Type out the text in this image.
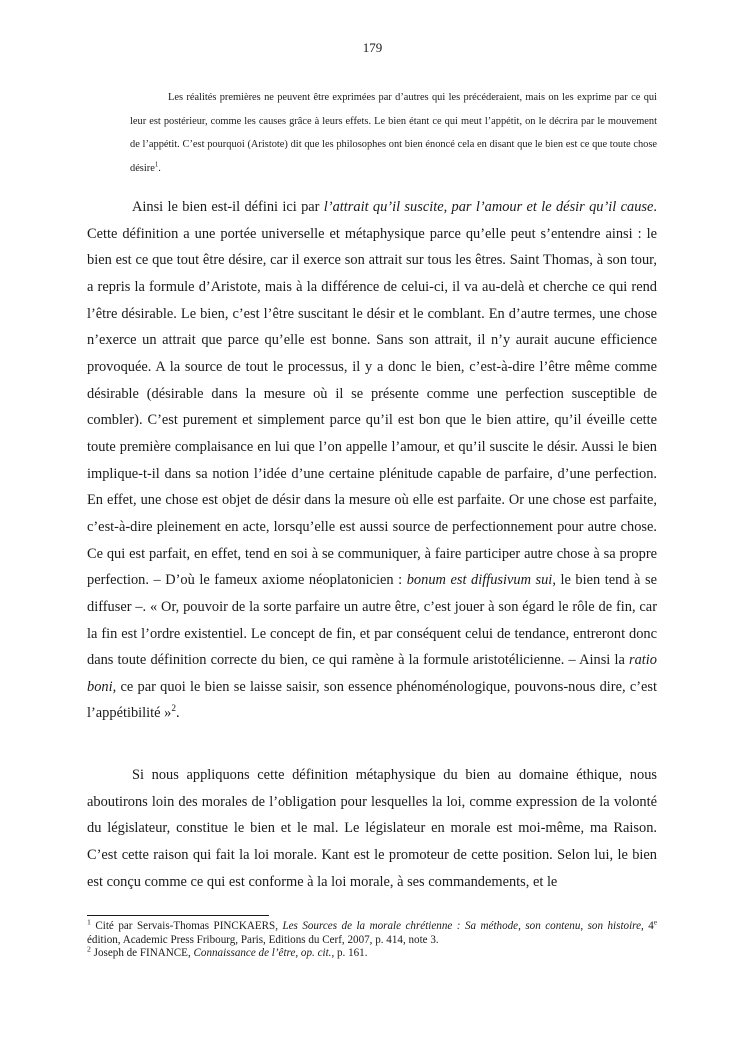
179
Les réalités premières ne peuvent être exprimées par d’autres qui les précéderaient, mais on les exprime par ce qui leur est postérieur, comme les causes grâce à leurs effets. Le bien étant ce qui meut l’appétit, on le décrira par le mouvement de l’appétit. C’est pourquoi (Aristote) dit que les philosophes ont bien énoncé cela en disant que le bien est ce que toute chose désire$^1$.

Ainsi le bien est-il défini ici par l’attrait qu’il suscite, par l’amour et le désir qu’il cause. Cette définition a une portée universelle et métaphysique parce qu’elle peut s’entendre ainsi : le bien est ce que tout être désire, car il exerce son attrait sur tous les êtres. Saint Thomas, à son tour, a repris la formule d’Aristote, mais à la différence de celui-ci, il va au-delà et cherche ce qui rend l’être désirable. Le bien, c’est l’être suscitant le désir et le comblant. En d’autre termes, une chose n’exerce un attrait que parce qu’elle est bonne. Sans son attrait, il n’y aurait aucune efficience provoquée. A la source de tout le processus, il y a donc le bien, c’est-à-dire l’être même comme désirable (désirable dans la mesure où il se présente comme une perfection susceptible de combler). C’est purement et simplement parce qu’il est bon que le bien attire, qu’il éveille cette toute première complaisance en lui que l’on appelle l’amour, et qu’il suscite le désir. Aussi le bien implique-t-il dans sa notion l’idée d’une certaine plénitude capable de parfaire, d’une perfection. En effet, une chose est objet de désir dans la mesure où elle est parfaite. Or une chose est parfaite, c’est-à-dire pleinement en acte, lorsqu’elle est aussi source de perfectionnement pour autre chose. Ce qui est parfait, en effet, tend en soi à se communiquer, à faire participer autre chose à sa propre perfection. – D’où le fameux axiome néoplatonicien : bonum est diffusivum sui, le bien tend à se diffuser –. « Or, pouvoir de la sorte parfaire un autre être, c’est jouer à son égard le rôle de fin, car la fin est l’ordre existentiel. Le concept de fin, et par conséquent celui de tendance, entreront donc dans toute définition correcte du bien, ce qui ramène à la formule aristotélicienne. – Ainsi la ratio boni, ce par quoi le bien se laisse saisir, son essence phénoménologique, pouvons-nous dire, c’est l’appétibilité »$^2$.

Si nous appliquons cette définition métaphysique du bien au domaine éthique, nous aboutirons loin des morales de l’obligation pour lesquelles la loi, comme expression de la volonté du législateur, constitue le bien et le mal. Le législateur en morale est moi-même, ma Raison. C’est cette raison qui fait la loi morale. Kant est le promoteur de cette position. Selon lui, le bien est conçu comme ce qui est conforme à la loi morale, à ses commandements, et le

$^1$ Cité par Servais-Thomas PINCKAERS, Les Sources de la morale chrétienne : Sa méthode, son contenu, son histoire, 4e édition, Academic Press Fribourg, Paris, Editions du Cerf, 2007, p. 414, note 3.

$^2$ Joseph de FINANCE, Connaissance de l’être, op. cit., p. 161.
